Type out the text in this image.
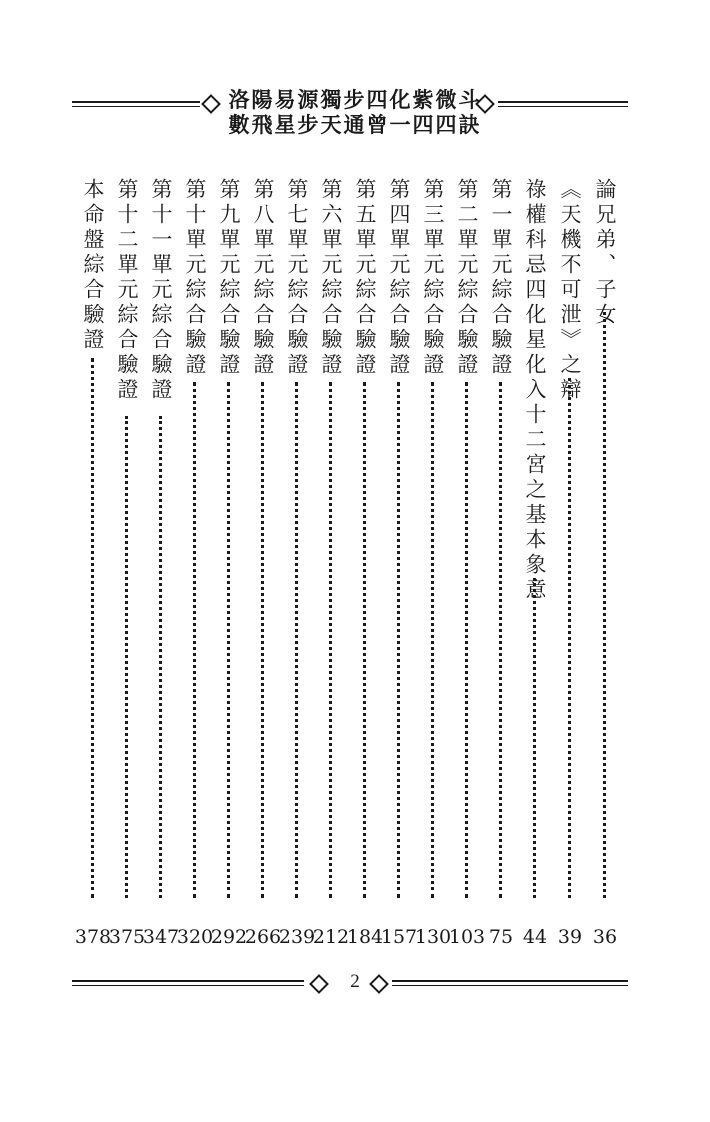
洛陽易源獨步四化紫微斗
數飛星步天通曾一四四訣
論兄弟、子女
36
《天機不可泄》之辯
39
祿權科忌四化星化入十二宮之基本象意
44
第一單元綜合驗證
75
第二單元綜合驗證
103
第三單元綜合驗證
130
第四單元綜合驗證
157
第五單元綜合驗證
184
第六單元綜合驗證
212
第七單元綜合驗證
239
第八單元綜合驗證
266
第九單元綜合驗證
292
第十單元綜合驗證
320
第十一單元綜合驗證
347
第十二單元綜合驗證
375
本命盤綜合驗證
378
2
